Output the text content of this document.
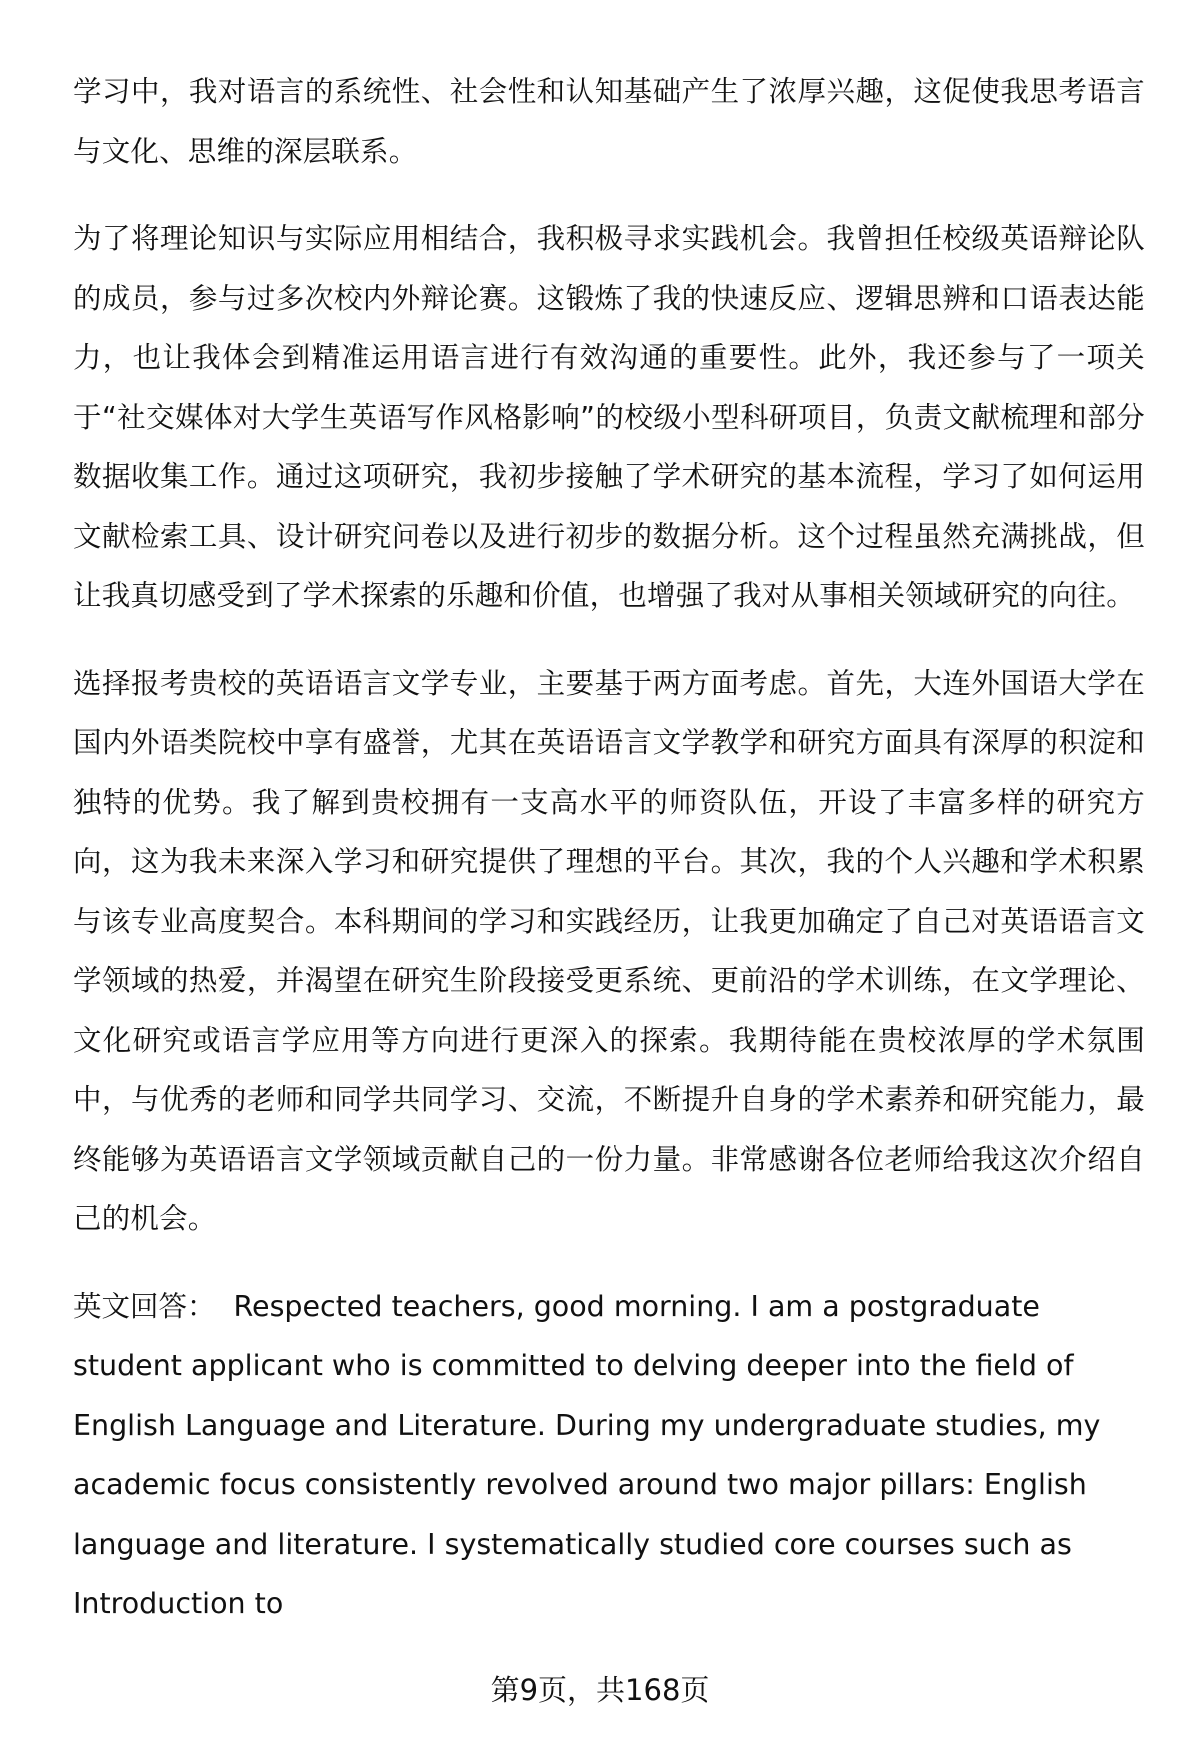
学习中，我对语言的系统性、社会性和认知基础产生了浓厚兴趣，这促使我思考语言与文化、思维的深层联系。

为了将理论知识与实际应用相结合，我积极寻求实践机会。我曾担任校级英语辩论队的成员，参与过多次校内外辩论赛。这锻炼了我的快速反应、逻辑思辨和口语表达能力，也让我体会到精准运用语言进行有效沟通的重要性。此外，我还参与了一项关于“社交媒体对大学生英语写作风格影响”的校级小型科研项目，负责文献梳理和部分数据收集工作。通过这项研究，我初步接触了学术研究的基本流程，学习了如何运用文献检索工具、设计研究问卷以及进行初步的数据分析。这个过程虽然充满挑战，但让我真切感受到了学术探索的乐趣和价值，也增强了我对从事相关领域研究的向往。

选择报考贵校的英语语言文学专业，主要基于两方面考虑。首先，大连外国语大学在国内外语类院校中享有盛誉，尤其在英语语言文学教学和研究方面具有深厚的积淀和独特的优势。我了解到贵校拥有一支高水平的师资队伍，开设了丰富多样的研究方向，这为我未来深入学习和研究提供了理想的平台。其次，我的个人兴趣和学术积累与该专业高度契合。本科期间的学习和实践经历，让我更加确定了自己对英语语言文学领域的热爱，并渴望在研究生阶段接受更系统、更前沿的学术训练，在文学理论、文化研究或语言学应用等方向进行更深入的探索。我期待能在贵校浓厚的学术氛围中，与优秀的老师和同学共同学习、交流，不断提升自身的学术素养和研究能力，最终能够为英语语言文学领域贡献自己的一份力量。非常感谢各位老师给我这次介绍自己的机会。

英文回答： Respected teachers, good morning. I am a postgraduate student applicant who is committed to delving deeper into the field of English Language and Literature. During my undergraduate studies, my academic focus consistently revolved around two major pillars: English language and literature. I systematically studied core courses such as Introduction to

第9页，共168页
